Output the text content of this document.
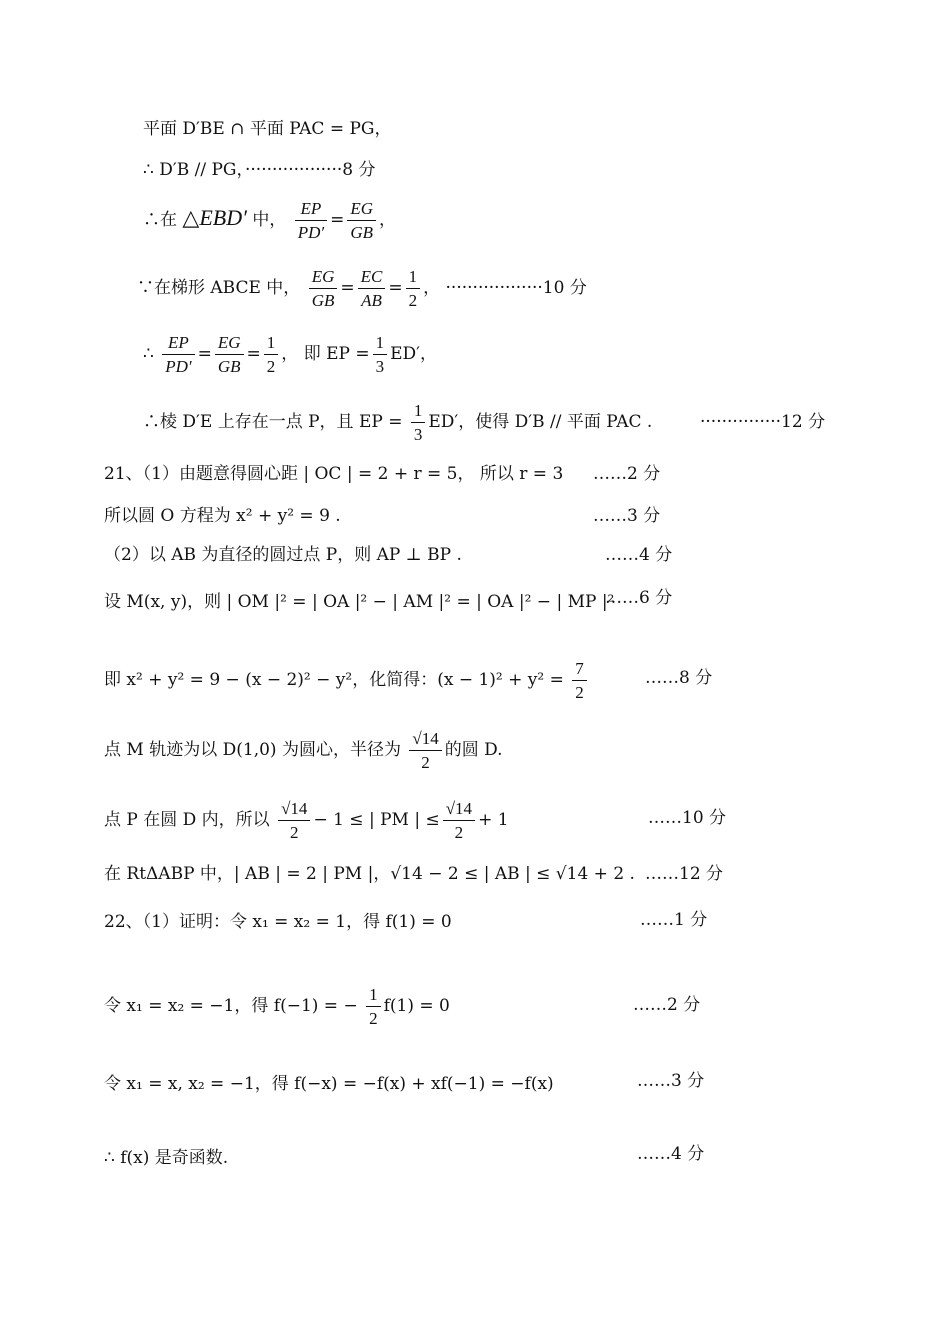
平面 D′BE ∩ 平面 PAC = PG，
∴ D′B // PG，··················8 分
∴在 △EBD′ 中， $\frac{EP}{PD'} = \frac{EG}{GB}$ ，
∵在梯形 ABCE 中， $\frac{EG}{GB} = \frac{EC}{AB} = \frac{1}{2}$ ， ··················10 分
∴ $\frac{EP}{PD'} = \frac{EG}{GB} = \frac{1}{2}$ ， 即 EP = $\frac{1}{3} ED'$，
∴棱 D′E 上存在一点 P，且 EP = $\frac{1}{3} ED'$，使得 D′B // 平面 PAC .	···············12 分
21、（1）由题意得圆心距 | OC | = 2 + r = 5， 所以 r = 3 ……2 分
所以圆 O 方程为 x² + y² = 9 .	……3 分
（2）以 AB 为直径的圆过点 P，则 AP ⊥ BP .	……4 分
设 M(x, y)，则 | OM |² = | OA |² − | AM |² = | OA |² − | MP |²
……6 分
即 x² + y² = 9 − (x − 2)² − y²，化简得：$(x - 1)^2 + y^2 = \frac{7}{2}$	……8 分
点 M 轨迹为以 D(1,0) 为圆心，半径为 $\frac{√14}{2}$ 的圆 D.
点 P 在圆 D 内，所以 $\frac{√14}{2} - 1$ ≤ | PM | ≤ $\frac{√14}{2} + 1$	……10 分
在 RtΔABP 中，| AB | = 2 | PM |，√14 − 2 ≤ | AB | ≤ √14 + 2 . ……12 分
22、（1）证明：令 x₁ = x₂ = 1，得 f(1) = 0	……1 分
令 x₁ = x₂ = −1，得 f(−1) = − $\frac{1}{2} f(1) = 0$	……2 分
令 x₁ = x, x₂ = −1，得 f(−x) = −f(x) + xf(−1) = −f(x)	……3 分
∴ f(x) 是奇函数.	……4 分
